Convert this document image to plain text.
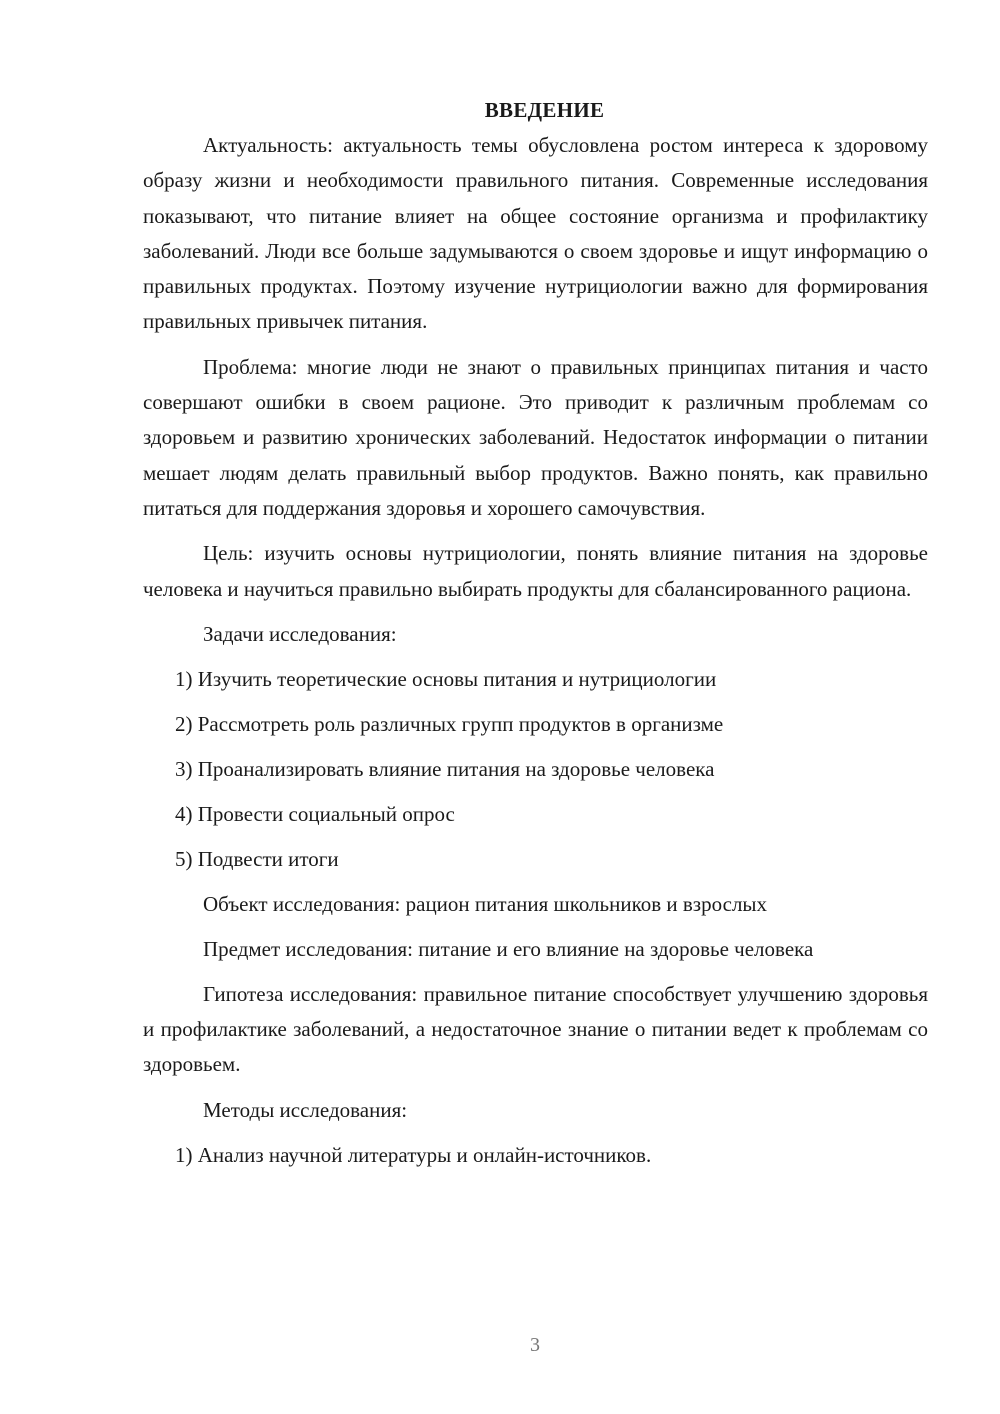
ВВЕДЕНИЕ

Актуальность: актуальность темы обусловлена ростом интереса к здоровому образу жизни и необходимости правильного питания. Современные исследования показывают, что питание влияет на общее состояние организма и профилактику заболеваний. Люди все больше задумываются о своем здоровье и ищут информацию о правильных продуктах. Поэтому изучение нутрициологии важно для формирования правильных привычек питания.

Проблема: многие люди не знают о правильных принципах питания и часто совершают ошибки в своем рационе. Это приводит к различным проблемам со здоровьем и развитию хронических заболеваний. Недостаток информации о питании мешает людям делать правильный выбор продуктов. Важно понять, как правильно питаться для поддержания здоровья и хорошего самочувствия.

Цель: изучить основы нутрициологии, понять влияние питания на здоровье человека и научиться правильно выбирать продукты для сбалансированного рациона.

Задачи исследования:
1) Изучить теоретические основы питания и нутрициологии
2) Рассмотреть роль различных групп продуктов в организме
3) Проанализировать влияние питания на здоровье человека
4) Провести социальный опрос
5) Подвести итоги
Объект исследования: рацион питания школьников и взрослых
Предмет исследования: питание и его влияние на здоровье человека

Гипотеза исследования: правильное питание способствует улучшению здоровья и профилактике заболеваний, а недостаточное знание о питании ведет к проблемам со здоровьем.

Методы исследования:
1) Анализ научной литературы и онлайн-источников.
3
